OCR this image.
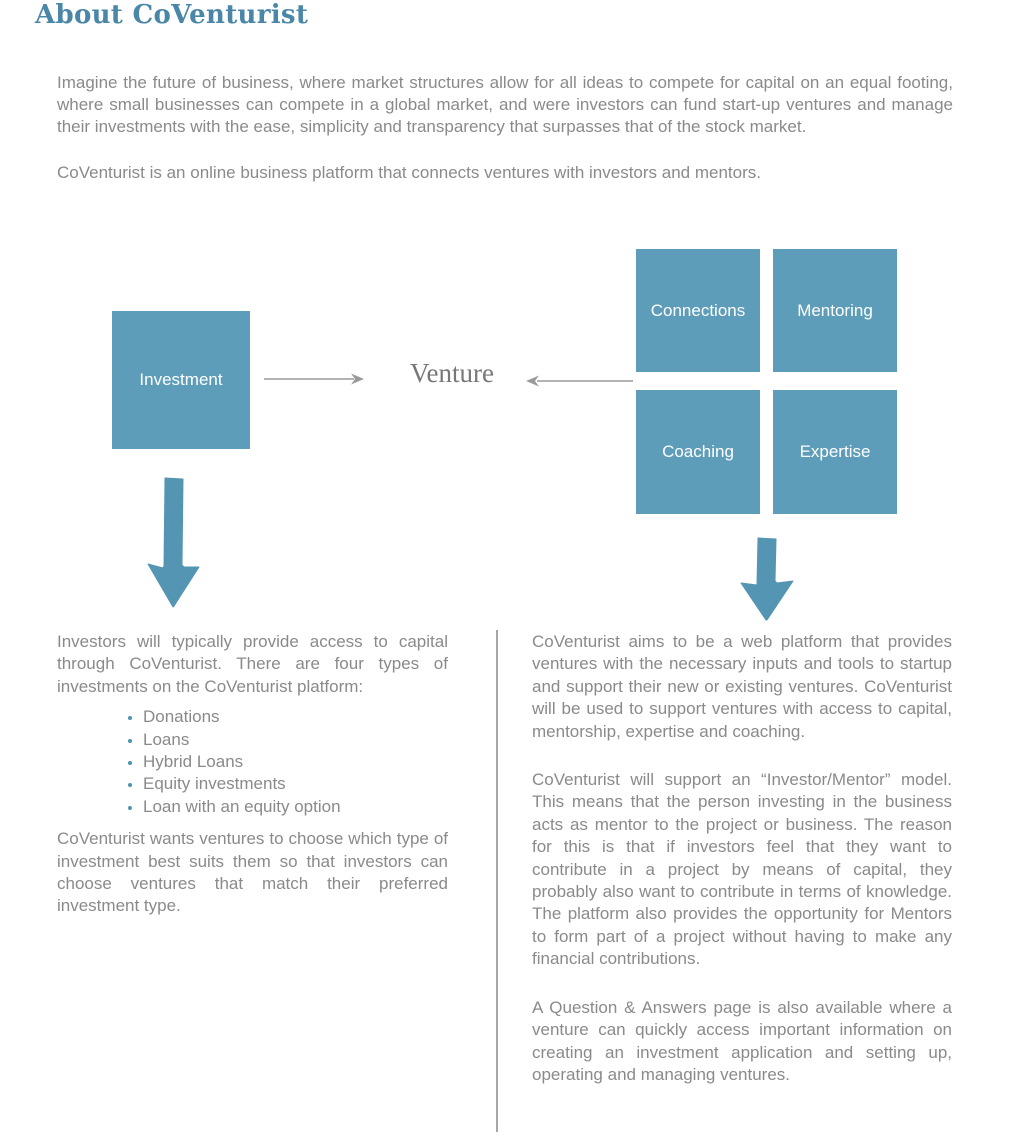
About CoVenturist

Imagine the future of business, where market structures allow for all ideas to compete for capital on an equal footing, where small businesses can compete in a global market, and were investors can fund start-up ventures and manage their investments with the ease, simplicity and transparency that surpasses that of the stock market.

CoVenturist is an online business platform that connects ventures with investors and mentors.

Investment	Venture
Connections	Mentoring
Coaching	Expertise

Investors will typically provide access to capital through CoVenturist. There are four types of investments on the CoVenturist platform:

• Donations
• Loans
• Hybrid Loans
• Equity investments
• Loan with an equity option

CoVenturist wants ventures to choose which type of investment best suits them so that investors can choose ventures that match their preferred investment type.

CoVenturist aims to be a web platform that provides ventures with the necessary inputs and tools to startup and support their new or existing ventures. CoVenturist will be used to support ventures with access to capital, mentorship, expertise and coaching.

CoVenturist will support an “Investor/Mentor” model. This means that the person investing in the business acts as mentor to the project or business. The reason for this is that if investors feel that they want to contribute in a project by means of capital, they probably also want to contribute in terms of knowledge. The platform also provides the opportunity for Mentors to form part of a project without having to make any financial contributions.

A Question & Answers page is also available where a venture can quickly access important information on creating an investment application and setting up, operating and managing ventures.
